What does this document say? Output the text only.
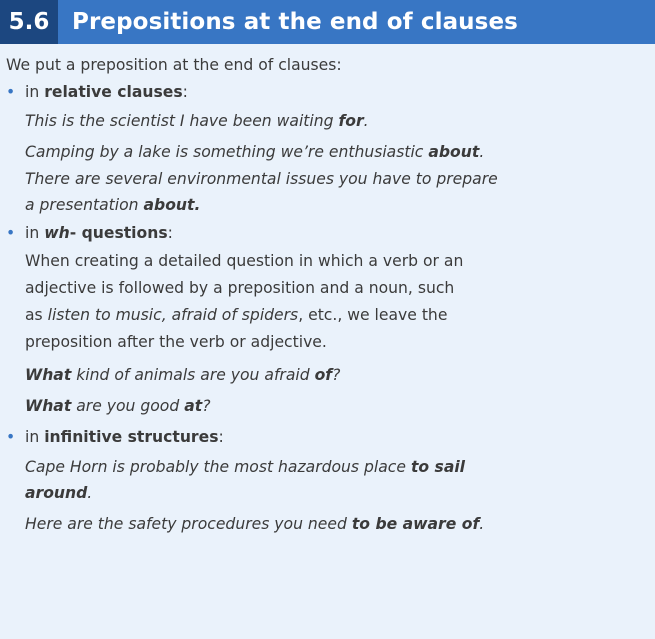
5.6 Prepositions at the end of clauses
We put a preposition at the end of clauses:
• in relative clauses:
This is the scientist I have been waiting for.
Camping by a lake is something we’re enthusiastic about.
There are several environmental issues you have to prepare
a presentation about.
• in wh- questions:
When creating a detailed question in which a verb or an
adjective is followed by a preposition and a noun, such
as listen to music, afraid of spiders, etc., we leave the
preposition after the verb or adjective.
What kind of animals are you afraid of?
What are you good at?
• in infinitive structures:
Cape Horn is probably the most hazardous place to sail
around.
Here are the safety procedures you need to be aware of.
